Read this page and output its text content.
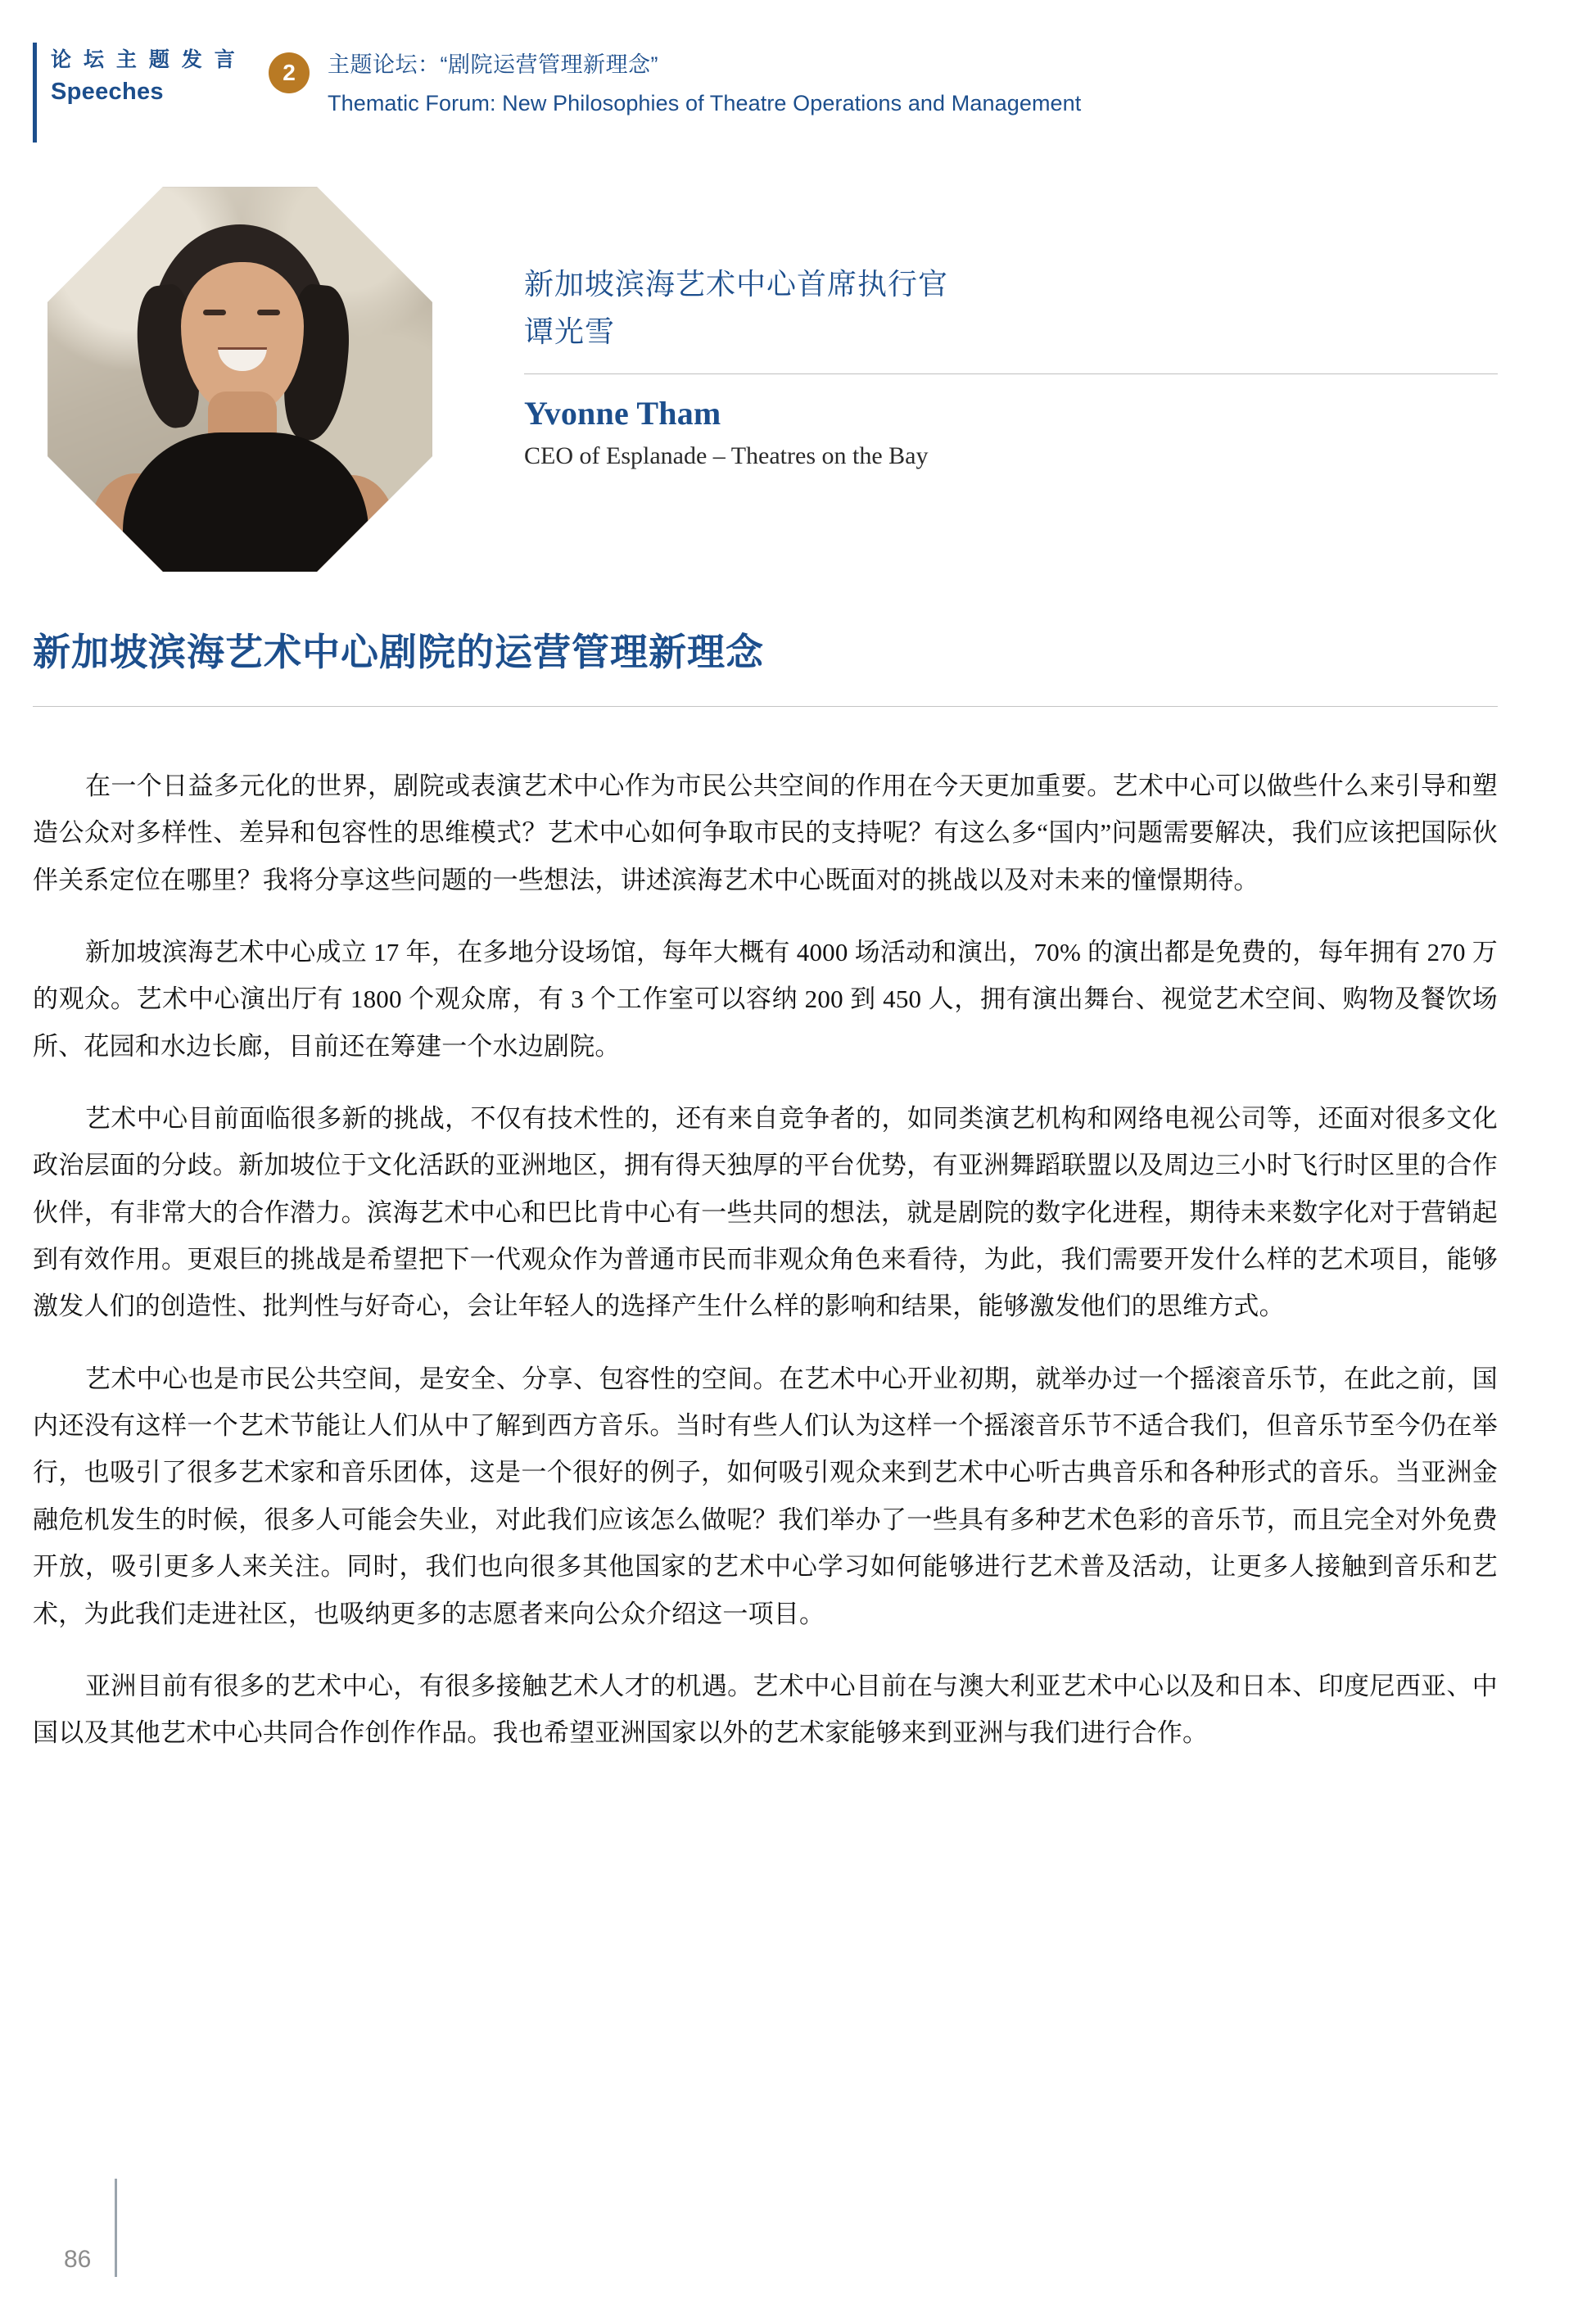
论 坛 主 题 发 言
Speeches
2	主题论坛：“剧院运营管理新理念”
Thematic Forum: New Philosophies of Theatre Operations and Management
新加坡滨海艺术中心首席执行官
谭光雪
Yvonne Tham
CEO of Esplanade – Theatres on the Bay
新加坡滨海艺术中心剧院的运营管理新理念

在一个日益多元化的世界，剧院或表演艺术中心作为市民公共空间的作用在今天更加重要。艺术中心可以做些什么来引导和塑造公众对多样性、差异和包容性的思维模式？艺术中心如何争取市民的支持呢？有这么多“国内”问题需要解决，我们应该把国际伙伴关系定位在哪里？我将分享这些问题的一些想法，讲述滨海艺术中心既面对的挑战以及对未来的憧憬期待。

新加坡滨海艺术中心成立 17 年，在多地分设场馆，每年大概有 4000 场活动和演出，70% 的演出都是免费的，每年拥有 270 万的观众。艺术中心演出厅有 1800 个观众席，有 3 个工作室可以容纳 200 到 450 人，拥有演出舞台、视觉艺术空间、购物及餐饮场所、花园和水边长廊，目前还在筹建一个水边剧院。

艺术中心目前面临很多新的挑战，不仅有技术性的，还有来自竞争者的，如同类演艺机构和网络电视公司等，还面对很多文化政治层面的分歧。新加坡位于文化活跃的亚洲地区，拥有得天独厚的平台优势，有亚洲舞蹈联盟以及周边三小时飞行时区里的合作伙伴，有非常大的合作潜力。滨海艺术中心和巴比肯中心有一些共同的想法，就是剧院的数字化进程，期待未来数字化对于营销起到有效作用。更艰巨的挑战是希望把下一代观众作为普通市民而非观众角色来看待，为此，我们需要开发什么样的艺术项目，能够激发人们的创造性、批判性与好奇心，会让年轻人的选择产生什么样的影响和结果，能够激发他们的思维方式。

艺术中心也是市民公共空间，是安全、分享、包容性的空间。在艺术中心开业初期，就举办过一个摇滚音乐节，在此之前，国内还没有这样一个艺术节能让人们从中了解到西方音乐。当时有些人们认为这样一个摇滚音乐节不适合我们，但音乐节至今仍在举行，也吸引了很多艺术家和音乐团体，这是一个很好的例子，如何吸引观众来到艺术中心听古典音乐和各种形式的音乐。当亚洲金融危机发生的时候，很多人可能会失业，对此我们应该怎么做呢？我们举办了一些具有多种艺术色彩的音乐节，而且完全对外免费开放，吸引更多人来关注。同时，我们也向很多其他国家的艺术中心学习如何能够进行艺术普及活动，让更多人接触到音乐和艺术，为此我们走进社区，也吸纳更多的志愿者来向公众介绍这一项目。

亚洲目前有很多的艺术中心，有很多接触艺术人才的机遇。艺术中心目前在与澳大利亚艺术中心以及和日本、印度尼西亚、中国以及其他艺术中心共同合作创作作品。我也希望亚洲国家以外的艺术家能够来到亚洲与我们进行合作。

86
